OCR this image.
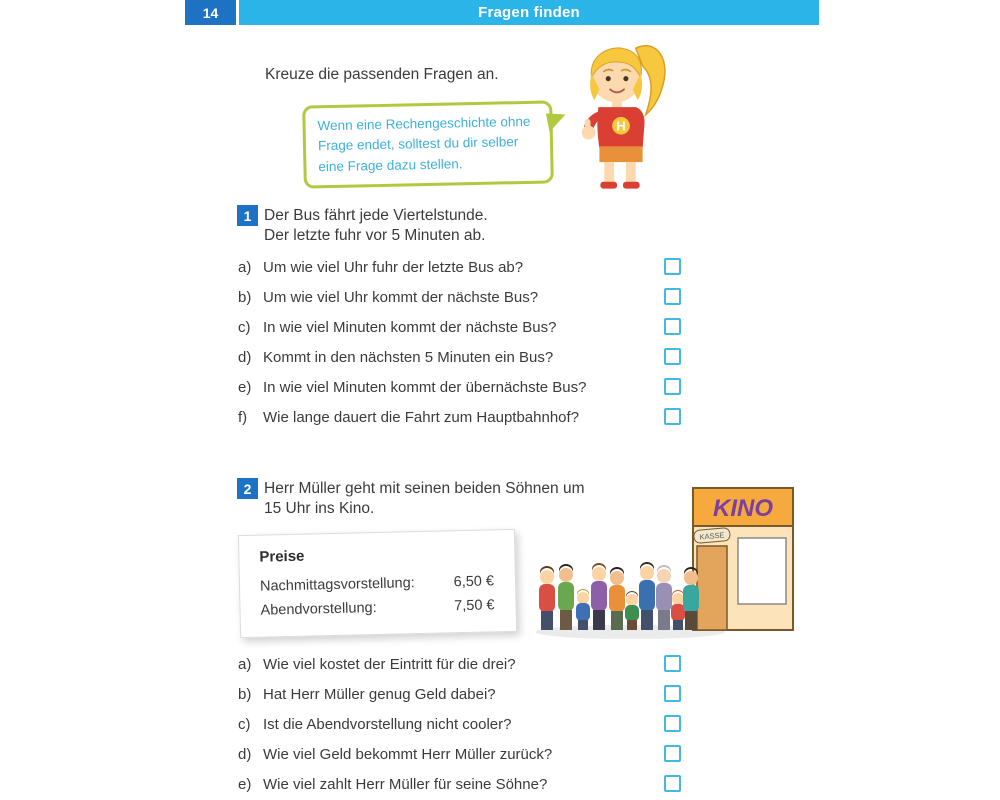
14	Fragen finden
Kreuze die passenden Fragen an.
Wenn eine Rechengeschichte ohne Frage endet, solltest du dir selber eine Frage dazu stellen.
H
1 Der Bus fährt jede Viertelstunde.
Der letzte fuhr vor 5 Minuten ab.
a) Um wie viel Uhr fuhr der letzte Bus ab?
b) Um wie viel Uhr kommt der nächste Bus?
c) In wie viel Minuten kommt der nächste Bus?
d) Kommt in den nächsten 5 Minuten ein Bus?
e) In wie viel Minuten kommt der übernächste Bus?
f) Wie lange dauert die Fahrt zum Hauptbahnhof?
2 Herr Müller geht mit seinen beiden Söhnen um
15 Uhr ins Kino.
Preise
Nachmittagsvorstellung:	6,50 €
Abendvorstellung:	7,50 €
KINO
KASSE
a) Wie viel kostet der Eintritt für die drei?
b) Hat Herr Müller genug Geld dabei?
c) Ist die Abendvorstellung nicht cooler?
d) Wie viel Geld bekommt Herr Müller zurück?
e) Wie viel zahlt Herr Müller für seine Söhne?
